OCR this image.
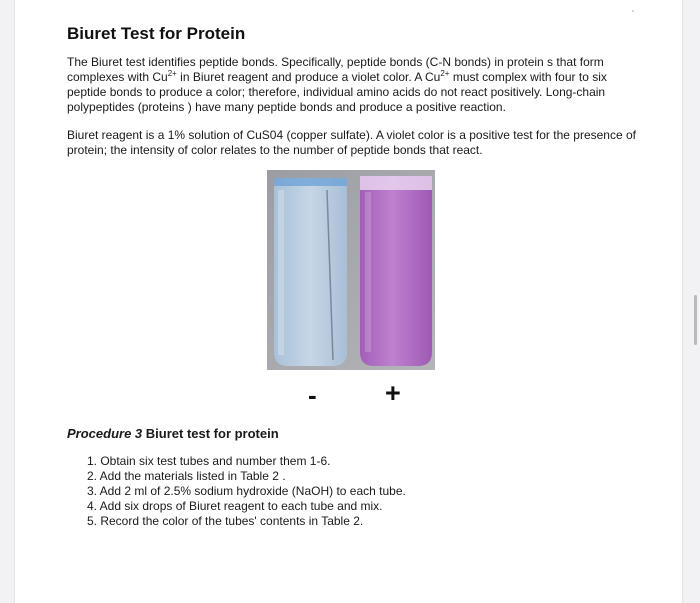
Biuret Test for Protein

The Biuret test identifies peptide bonds. Specifically, peptide bonds (C-N bonds) in protein s that form complexes with $Cu^{2+}$ in Biuret reagent and produce a violet color. A $Cu^{2+}$ must complex with four to six peptide bonds to produce a color; therefore, individual amino acids do not react positively. Long-chain polypeptides (proteins ) have many peptide bonds and produce a positive reaction.

Biuret reagent is a 1% solution of CuS04 (copper sulfate). A violet color is a positive test for the presence of protein; the intensity of color relates to the number of peptide bonds that react.

-	+

Procedure 3 Biuret test for protein

1. Obtain six test tubes and number them 1-6.
2. Add the materials listed in Table 2 .
3. Add 2 ml of 2.5% sodium hydroxide (NaOH) to each tube.
4. Add six drops of Biuret reagent to each tube and mix.
5. Record the color of the tubes' contents in Table 2.
